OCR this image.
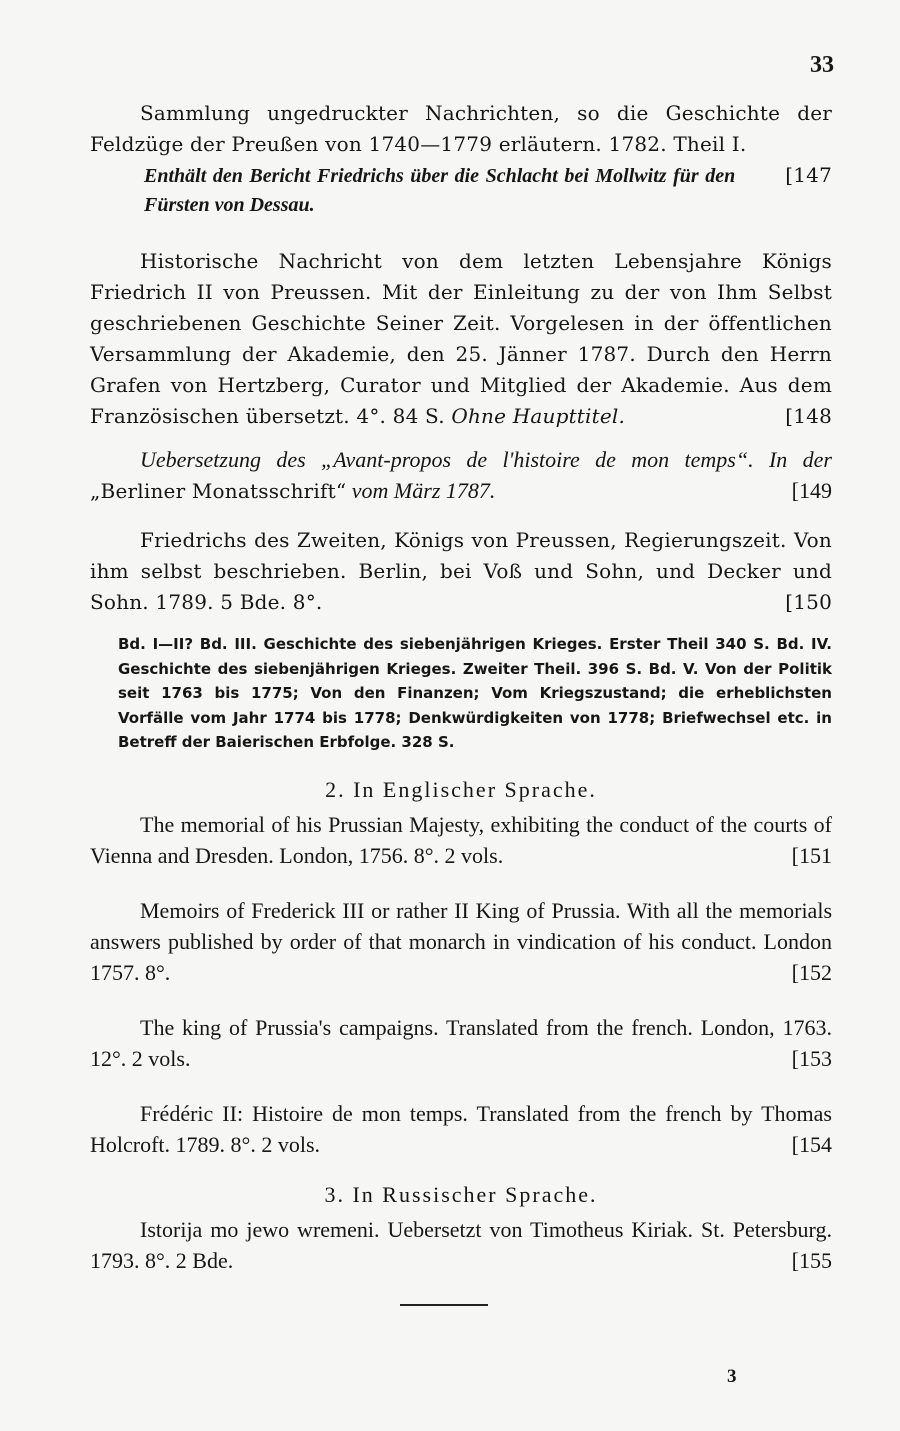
33

Sammlung ungedruckter Nachrichten, so die Geschichte der Feldzüge der Preußen von 1740—1779 erläutern. 1782. Theil I.
[147

Enthält den Bericht Friedrichs über die Schlacht bei Mollwitz für den Fürsten von Dessau.

Historische Nachricht von dem letzten Lebensjahre Königs Friedrich II von Preussen. Mit der Einleitung zu der von Ihm Selbst geschriebenen Geschichte Seiner Zeit. Vorgelesen in der öffentlichen Versammlung der Akademie, den 25. Jänner 1787. Durch den Herrn Grafen von Hertzberg, Curator und Mitglied der Akademie. Aus dem Französischen übersetzt. 4°. 84 S. Ohne Haupttitel.	[148

Uebersetzung des „Avant-propos de l'histoire de mon temps“. In der „Berliner Monatsschrift“ vom März 1787.	[149

Friedrichs des Zweiten, Königs von Preussen, Regierungszeit. Von ihm selbst beschrieben. Berlin, bei Voß und Sohn, und Decker und Sohn. 1789. 5 Bde. 8°.	[150

Bd. I—II? Bd. III. Geschichte des siebenjährigen Krieges. Erster Theil 340 S. Bd. IV. Geschichte des siebenjährigen Krieges. Zweiter Theil. 396 S. Bd. V. Von der Politik seit 1763 bis 1775; Von den Finanzen; Vom Kriegszustand; die erheblichsten Vorfälle vom Jahr 1774 bis 1778; Denkwürdigkeiten von 1778; Briefwechsel etc. in Betreff der Baierischen Erbfolge. 328 S.

2. In Englischer Sprache.

The memorial of his Prussian Majesty, exhibiting the conduct of the courts of Vienna and Dresden. London, 1756. 8°. 2 vols.	[151

Memoirs of Frederick III or rather II King of Prussia. With all the memorials answers published by order of that monarch in vindication of his conduct. London 1757. 8°.	[152

The king of Prussia's campaigns. Translated from the french. London, 1763. 12°. 2 vols.	[153

Frédéric II: Histoire de mon temps. Translated from the french by Thomas Holcroft. 1789. 8°. 2 vols.	[154

3. In Russischer Sprache.

Istorija mo jewo wremeni. Uebersetzt von Timotheus Kiriak. St. Petersburg. 1793. 8°. 2 Bde.	[155

3
